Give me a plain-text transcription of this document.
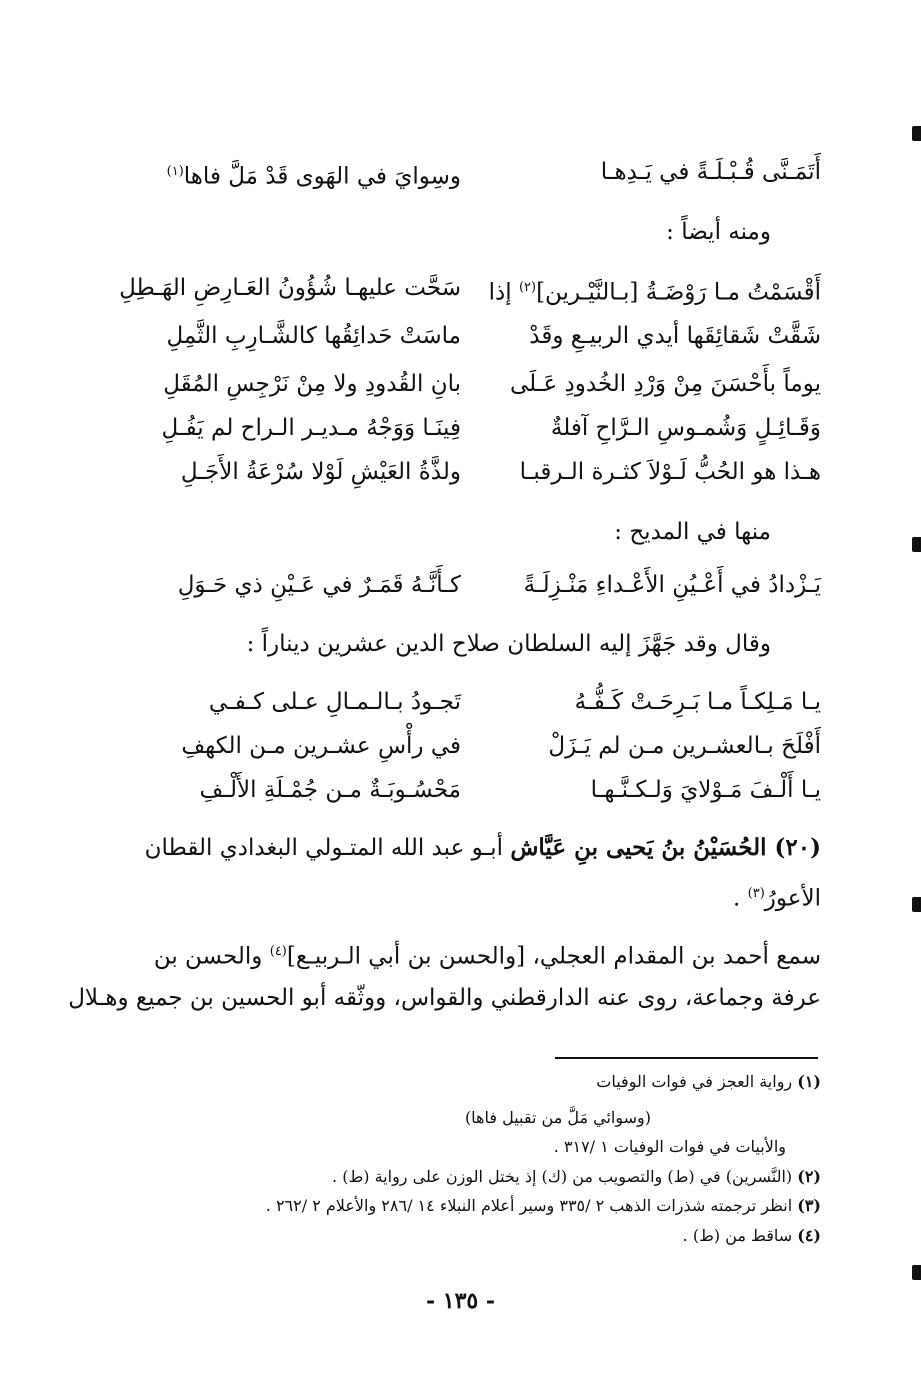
أَتَمَـنَّى قُـبْـلَـةً في يَـدِهـا
وسِوايَ في الهَوى قَدْ مَلَّ فاها$^{(١)}$
ومنه أيضاً :
أَقْسَمْتُ مـا رَوْضَـةُ [بـالنَّيْـرين]$^{(٢)}$ إذا
سَحَّت عليهـا شُؤُونُ العَـارِضِ الهَـطِلِ
شَقَّتْ شَقائِقَها أيدي الربيـعِ وقَدْ
ماسَتْ حَدائِقُها كالشَّـارِبِ الثَّمِلِ
يوماً بأَحْسَنَ مِنْ وَرْدِ الخُدودِ عَـلَى
بانِ القُدودِ ولا مِنْ نَرْجِسِ المُقَلِ
وَقَـائِـلٍ وَشُمـوسِ الـرَّاحِ آفلةٌ
فِينَـا وَوَجْهُ مـديـر الـراح لم يَفُـلِ
هـذا هو الحُبُّ لَـوْلاَ كثـرة الـرقبـا
ولذَّةُ العَيْشِ لَوْلا سُرْعَةُ الأَجَـلِ
منها في المديح :
يَـزْدادُ في أَعْـيُنِ الأَعْـداءِ مَنْـزِلَـةً
كـأَنَّـهُ قَمَـرٌ في عَـيْنِ ذي حَـوَلِ
وقال وقد جَهَّزَ إليه السلطان صلاح الدين عشرين ديناراً :
يـا مَـلِكـاً مـا بَـرِحَـتْ كَـفُّـهُ
تَجـودُ بـالـمـالِ عـلى كـفـي
أَفْلَحَ بـالعشـرين مـن لم يَـزَلْ
في رأْسِ عشـرين مـن الكهفِ
يـا أَلْـفَ مَـوْلايَ وَلـكـنَّـهـا
مَحْسُـوبَـةٌ مـن جُمْـلَةِ الأَلْـفِ
(٢٠) الحُسَيْنُ بنُ يَحيى بنِ عَيَّاش أبـو عبد الله المتـولي البغدادي القطان
الأعورُ$^{(٣)}$ .
سمع أحمد بن المقدام العجلي، [والحسن بن أبي الـربيـع]$^{(٤)}$ والحسن بن
عرفة وجماعة، روى عنه الدارقطني والقواس، ووثّقه أبو الحسين بن جميع وهـلال
(١) رواية العجز في فوات الوفيات
(وسوائي مَلَّ من تقبيل فاها)
والأبيات في فوات الوفيات ١ /٣١٧ .
(٢) (النَّسرين) في (ط) والتصويب من (ك) إذ يختل الوزن على رواية (ط) .
(٣) انظر ترجمته شذرات الذهب ٢ /٣٣٥ وسير أعلام النبلاء ١٤ /٢٨٦ والأعلام ٢ /٢٦٢ .
(٤) ساقط من (ط) .
- ١٣٥ -
